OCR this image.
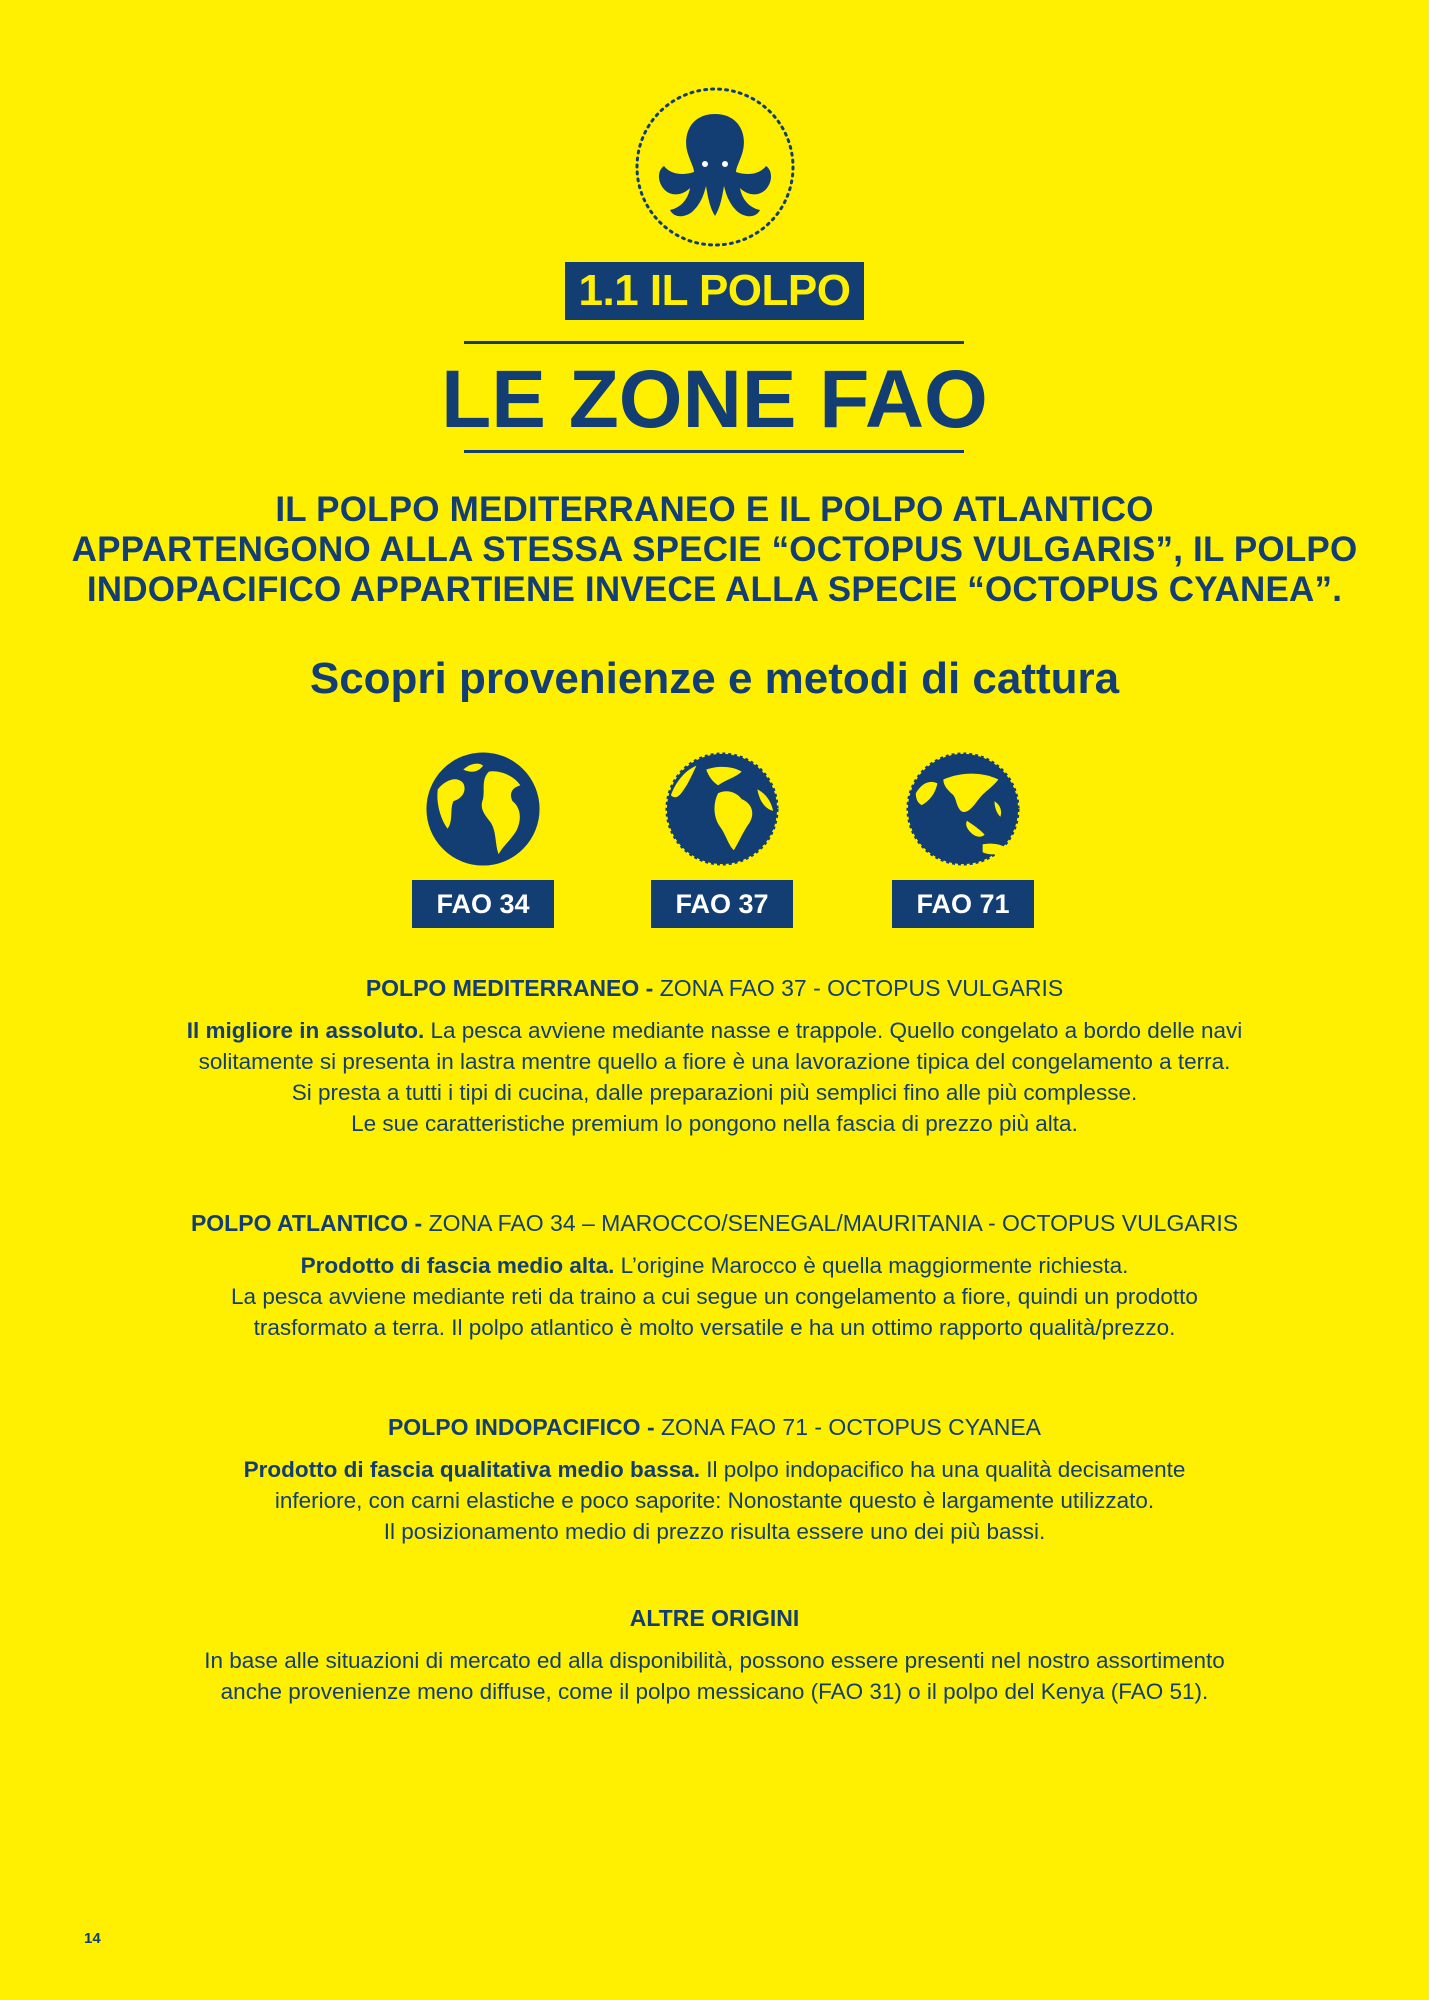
1.1 IL POLPO
LE ZONE FAO
IL POLPO MEDITERRANEO E IL POLPO ATLANTICO
APPARTENGONO ALLA STESSA SPECIE “OCTOPUS VULGARIS”, IL POLPO
INDOPACIFICO APPARTIENE INVECE ALLA SPECIE “OCTOPUS CYANEA”.
Scopri provenienze e metodi di cattura
FAO 34	FAO 37	FAO 71
POLPO MEDITERRANEO - ZONA FAO 37 - OCTOPUS VULGARIS
Il migliore in assoluto. La pesca avviene mediante nasse e trappole. Quello congelato a bordo delle navi
solitamente si presenta in lastra mentre quello a fiore è una lavorazione tipica del congelamento a terra.
Si presta a tutti i tipi di cucina, dalle preparazioni più semplici fino alle più complesse.
Le sue caratteristiche premium lo pongono nella fascia di prezzo più alta.
POLPO ATLANTICO - ZONA FAO 34 – MAROCCO/SENEGAL/MAURITANIA - OCTOPUS VULGARIS
Prodotto di fascia medio alta. L’origine Marocco è quella maggiormente richiesta.
La pesca avviene mediante reti da traino a cui segue un congelamento a fiore, quindi un prodotto
trasformato a terra. Il polpo atlantico è molto versatile e ha un ottimo rapporto qualità/prezzo.
POLPO INDOPACIFICO - ZONA FAO 71 - OCTOPUS CYANEA
Prodotto di fascia qualitativa medio bassa. Il polpo indopacifico ha una qualità decisamente
inferiore, con carni elastiche e poco saporite: Nonostante questo è largamente utilizzato.
Il posizionamento medio di prezzo risulta essere uno dei più bassi.
ALTRE ORIGINI
In base alle situazioni di mercato ed alla disponibilità, possono essere presenti nel nostro assortimento
anche provenienze meno diffuse, come il polpo messicano (FAO 31) o il polpo del Kenya (FAO 51).
14
